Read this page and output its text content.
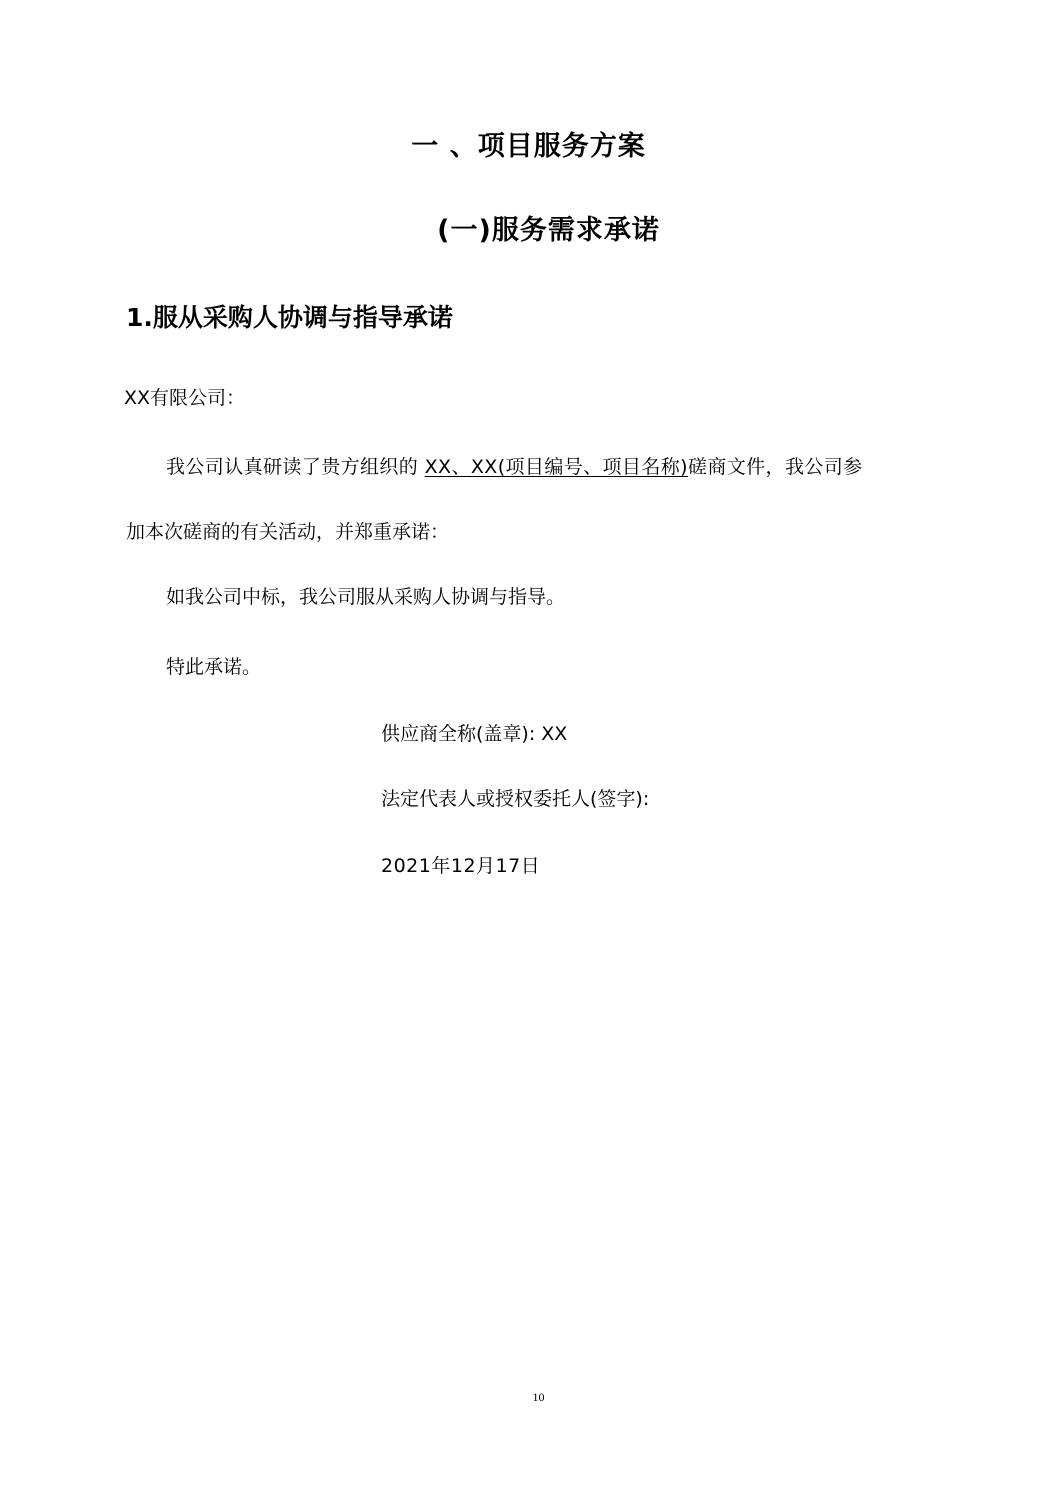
一 、项目服务方案
(一)服务需求承诺
1.服从采购人协调与指导承诺
XX有限公司：
我公司认真研读了贵方组织的 XX、XX(项目编号、项目名称)磋商文件，我公司参
加本次磋商的有关活动，并郑重承诺：
如我公司中标，我公司服从采购人协调与指导。
特此承诺。
供应商全称(盖章): XX
法定代表人或授权委托人(签字):
2021年12月17日
10
